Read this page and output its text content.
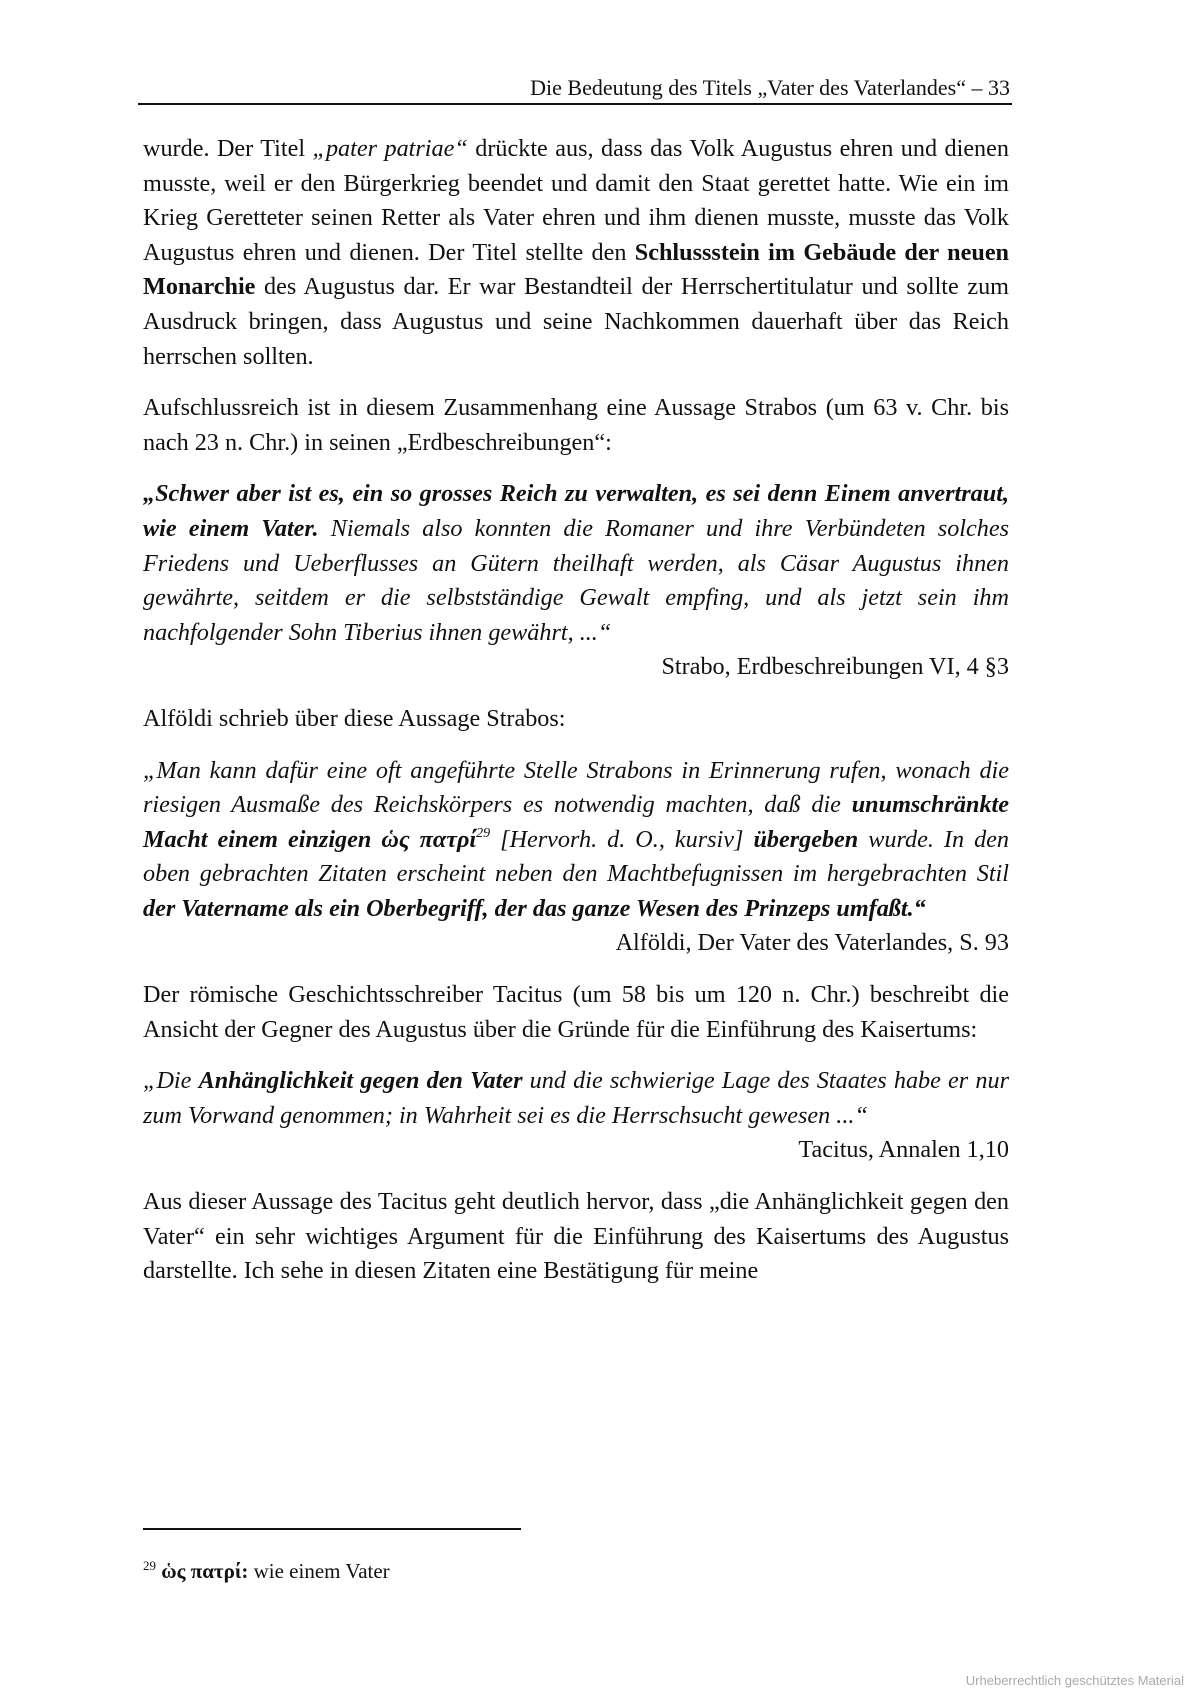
Die Bedeutung des Titels „Vater des Vaterlandes“ – 33

wurde. Der Titel „pater patriae“ drückte aus, dass das Volk Augustus ehren und dienen musste, weil er den Bürgerkrieg beendet und damit den Staat gerettet hatte. Wie ein im Krieg Geretteter seinen Retter als Vater ehren und ihm dienen musste, musste das Volk Augustus ehren und dienen. Der Titel stellte den Schlussstein im Gebäude der neuen Monarchie des Augustus dar. Er war Bestandteil der Herrschertitulatur und sollte zum Ausdruck bringen, dass Augustus und seine Nachkommen dauerhaft über das Reich herrschen sollten.

Aufschlussreich ist in diesem Zusammenhang eine Aussage Strabos (um 63 v. Chr. bis nach 23 n. Chr.) in seinen „Erdbeschreibungen“:

„Schwer aber ist es, ein so grosses Reich zu verwalten, es sei denn Einem anvertraut, wie einem Vater. Niemals also konnten die Romaner und ihre Verbündeten solches Friedens und Ueberflusses an Gütern theilhaft werden, als Cäsar Augustus ihnen gewährte, seitdem er die selbstständige Gewalt empfing, und als jetzt sein ihm nachfolgender Sohn Tiberius ihnen gewährt, ...“
Strabo, Erdbeschreibungen VI, 4 §3

Alföldi schrieb über diese Aussage Strabos:

„Man kann dafür eine oft angeführte Stelle Strabons in Erinnerung rufen, wonach die riesigen Ausmaße des Reichskörpers es notwendig machten, daß die unumschränkte Macht einem einzigen ὡς πατρί$^{29}$ [Hervorh. d. O., kursiv] übergeben wurde. In den oben gebrachten Zitaten erscheint neben den Machtbefugnissen im hergebrachten Stil der Vatername als ein Oberbegriff, der das ganze Wesen des Prinzeps umfaßt.“
Alföldi, Der Vater des Vaterlandes, S. 93

Der römische Geschichtsschreiber Tacitus (um 58 bis um 120 n. Chr.) beschreibt die Ansicht der Gegner des Augustus über die Gründe für die Einführung des Kaisertums:

„Die Anhänglichkeit gegen den Vater und die schwierige Lage des Staates habe er nur zum Vorwand genommen; in Wahrheit sei es die Herrschsucht gewesen ...“
Tacitus, Annalen 1,10

Aus dieser Aussage des Tacitus geht deutlich hervor, dass „die Anhänglichkeit gegen den Vater“ ein sehr wichtiges Argument für die Einführung des Kaisertums des Augustus darstellte. Ich sehe in diesen Zitaten eine Bestätigung für meine

$^{29}$ ὡς πατρί: wie einem Vater
Urheberrechtlich geschütztes Material
